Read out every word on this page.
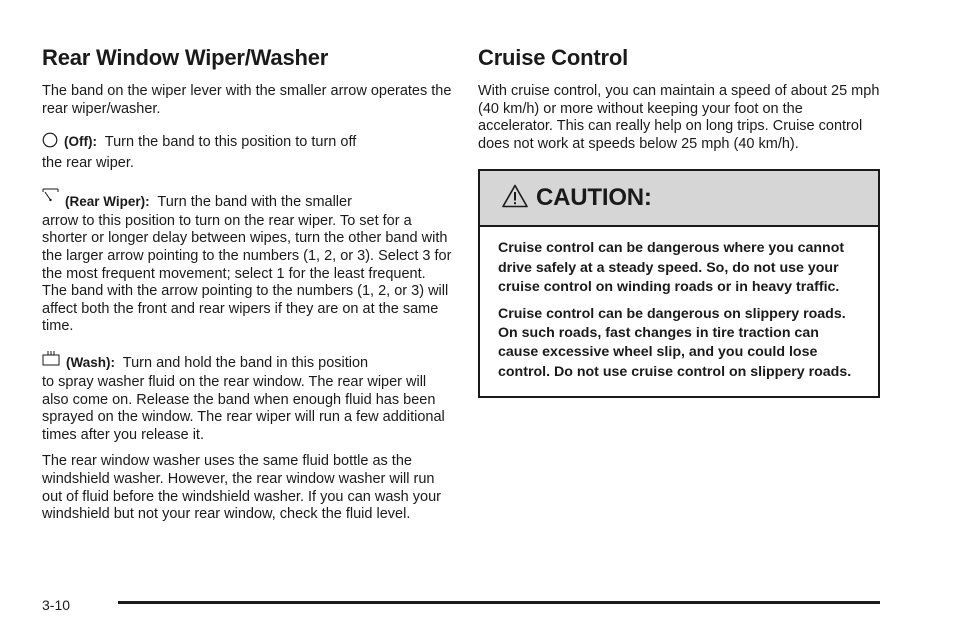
Rear Window Wiper/Washer

The band on the wiper lever with the smaller arrow operates the rear wiper/washer.

(Off): Turn the band to this position to turn off
the rear wiper.

(Rear Wiper): Turn the band with the smaller
arrow to this position to turn on the rear wiper. To set for a shorter or longer delay between wipes, turn the other band with the larger arrow pointing to the numbers (1, 2, or 3). Select 3 for the most frequent movement; select 1 for the least frequent. The band with the arrow pointing to the numbers (1, 2, or 3) will affect both the front and rear wipers if they are on at the same time.

(Wash): Turn and hold the band in this position
to spray washer fluid on the rear window. The rear wiper will also come on. Release the band when enough fluid has been sprayed on the window. The rear wiper will run a few additional times after you release it.

The rear window washer uses the same fluid bottle as the windshield washer. However, the rear window washer will run out of fluid before the windshield washer. If you can wash your windshield but not your rear window, check the fluid level.

Cruise Control

With cruise control, you can maintain a speed of about 25 mph (40 km/h) or more without keeping your foot on the accelerator. This can really help on long trips. Cruise control does not work at speeds below 25 mph (40 km/h).

CAUTION:

Cruise control can be dangerous where you cannot drive safely at a steady speed. So, do not use your cruise control on winding roads or in heavy traffic.

Cruise control can be dangerous on slippery roads. On such roads, fast changes in tire traction can cause excessive wheel slip, and you could lose control. Do not use cruise control on slippery roads.

3-10
